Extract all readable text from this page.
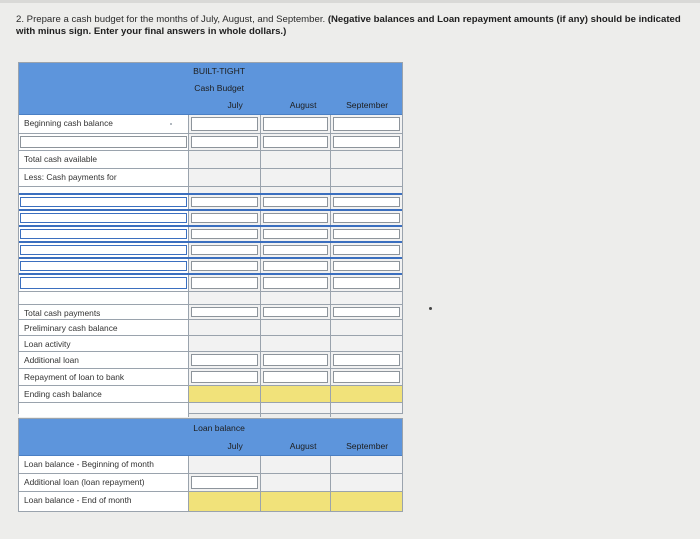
2. Prepare a cash budget for the months of July, August, and September. (Negative balances and Loan repayment amounts (if any) should be indicated with minus sign. Enter your final answers in whole dollars.)
BUILT-TIGHT
Cash Budget
July	August	September
Beginning cash balance
Total cash available
Less: Cash payments for
Total cash payments
Preliminary cash balance
Loan activity
Additional loan
Repayment of loan to bank
Ending cash balance
Loan balance
July	August	September
Loan balance - Beginning of month
Additional loan (loan repayment)
Loan balance - End of month
